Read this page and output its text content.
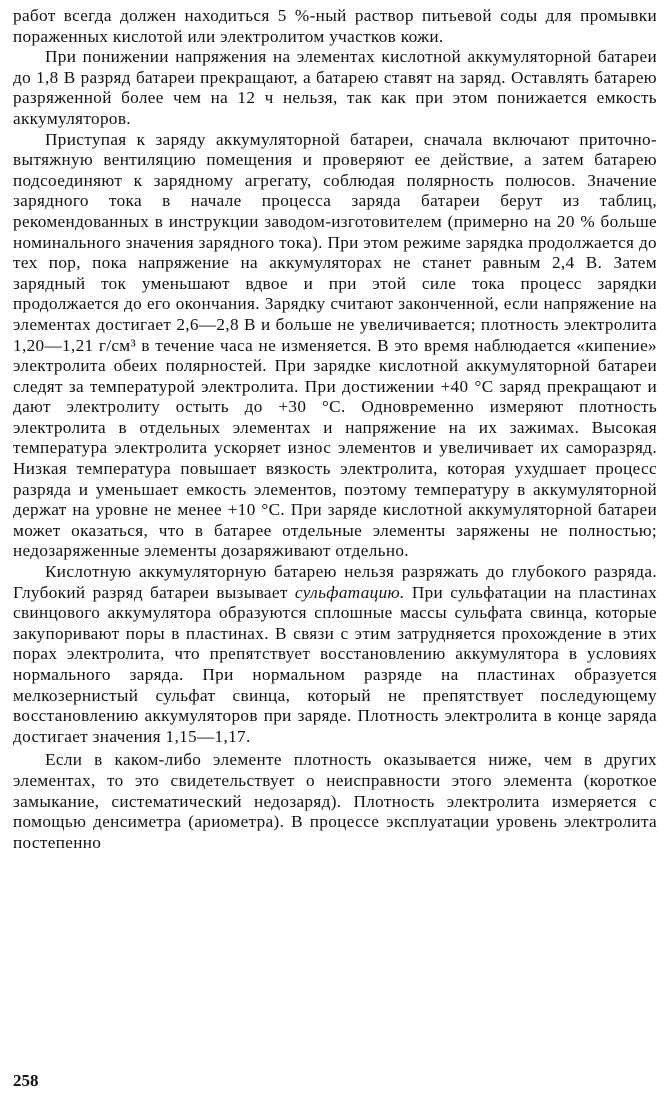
работ всегда должен находиться 5 %-ный раствор питьевой соды для промывки пораженных кислотой или электролитом участков кожи.

При понижении напряжения на элементах кислотной аккумуляторной батареи до 1,8 В разряд батареи прекращают, а батарею ставят на заряд. Оставлять батарею разряженной более чем на 12 ч нельзя, так как при этом понижается емкость аккумуляторов.

Приступая к заряду аккумуляторной батареи, сначала включают приточно-вытяжную вентиляцию помещения и проверяют ее действие, а затем батарею подсоединяют к зарядному агрегату, соблюдая полярность полюсов. Значение зарядного тока в начале процесса заряда батареи берут из таблиц, рекомендованных в инструкции заводом-изготовителем (примерно на 20 % больше номинального значения зарядного тока). При этом режиме зарядка продолжается до тех пор, пока напряжение на аккумуляторах не станет равным 2,4 В. Затем зарядный ток уменьшают вдвое и при этой силе тока процесс зарядки продолжается до его окончания. Зарядку считают законченной, если напряжение на элементах достигает 2,6—2,8 В и больше не увеличивается; плотность электролита 1,20—1,21 г/см³ в течение часа не изменяется. В это время наблюдается «кипение» электролита обеих полярностей. При зарядке кислотной аккумуляторной батареи следят за температурой электролита. При достижении +40 °С заряд прекращают и дают электролиту остыть до +30 °С. Одновременно измеряют плотность электролита в отдельных элементах и напряжение на их зажимах. Высокая температура электролита ускоряет износ элементов и увеличивает их саморазряд. Низкая температура повышает вязкость электролита, которая ухудшает процесс разряда и уменьшает емкость элементов, поэтому температуру в аккумуляторной держат на уровне не менее +10 °С. При заряде кислотной аккумуляторной батареи может оказаться, что в батарее отдельные элементы заряжены не полностью; недозаряженные элементы дозаряживают отдельно.

Кислотную аккумуляторную батарею нельзя разряжать до глубокого разряда. Глубокий разряд батареи вызывает сульфатацию. При сульфатации на пластинах свинцового аккумулятора образуются сплошные массы сульфата свинца, которые закупоривают поры в пластинах. В связи с этим затрудняется прохождение в этих порах электролита, что препятствует восстановлению аккумулятора в условиях нормального заряда. При нормальном разряде на пластинах образуется мелкозернистый сульфат свинца, который не препятствует последующему восстановлению аккумуляторов при заряде. Плотность электролита в конце заряда достигает значения 1,15—1,17.

Если в каком-либо элементе плотность оказывается ниже, чем в других элементах, то это свидетельствует о неисправности этого элемента (короткое замыкание, систематический недозаряд). Плотность электролита измеряется с помощью денсиметра (ариометра). В процессе эксплуатации уровень электролита постепенно

258
